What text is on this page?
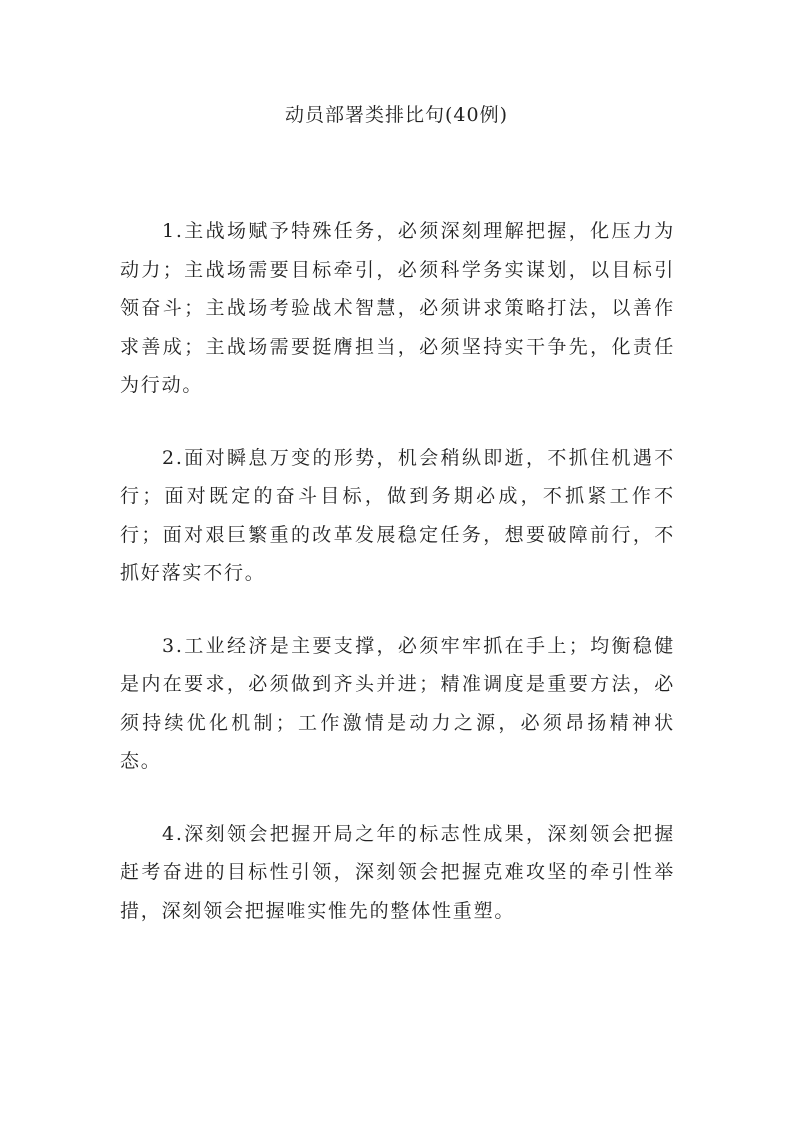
动员部署类排比句(40例)

1.主战场赋予特殊任务，必须深刻理解把握，化压力为动力；主战场需要目标牵引，必须科学务实谋划，以目标引领奋斗；主战场考验战术智慧，必须讲求策略打法，以善作求善成；主战场需要挺膺担当，必须坚持实干争先，化责任为行动。

2.面对瞬息万变的形势，机会稍纵即逝，不抓住机遇不行；面对既定的奋斗目标，做到务期必成，不抓紧工作不行；面对艰巨繁重的改革发展稳定任务，想要破障前行，不抓好落实不行。

3.工业经济是主要支撑，必须牢牢抓在手上；均衡稳健是内在要求，必须做到齐头并进；精准调度是重要方法，必须持续优化机制；工作激情是动力之源，必须昂扬精神状态。

4.深刻领会把握开局之年的标志性成果，深刻领会把握赶考奋进的目标性引领，深刻领会把握克难攻坚的牵引性举措，深刻领会把握唯实惟先的整体性重塑。
